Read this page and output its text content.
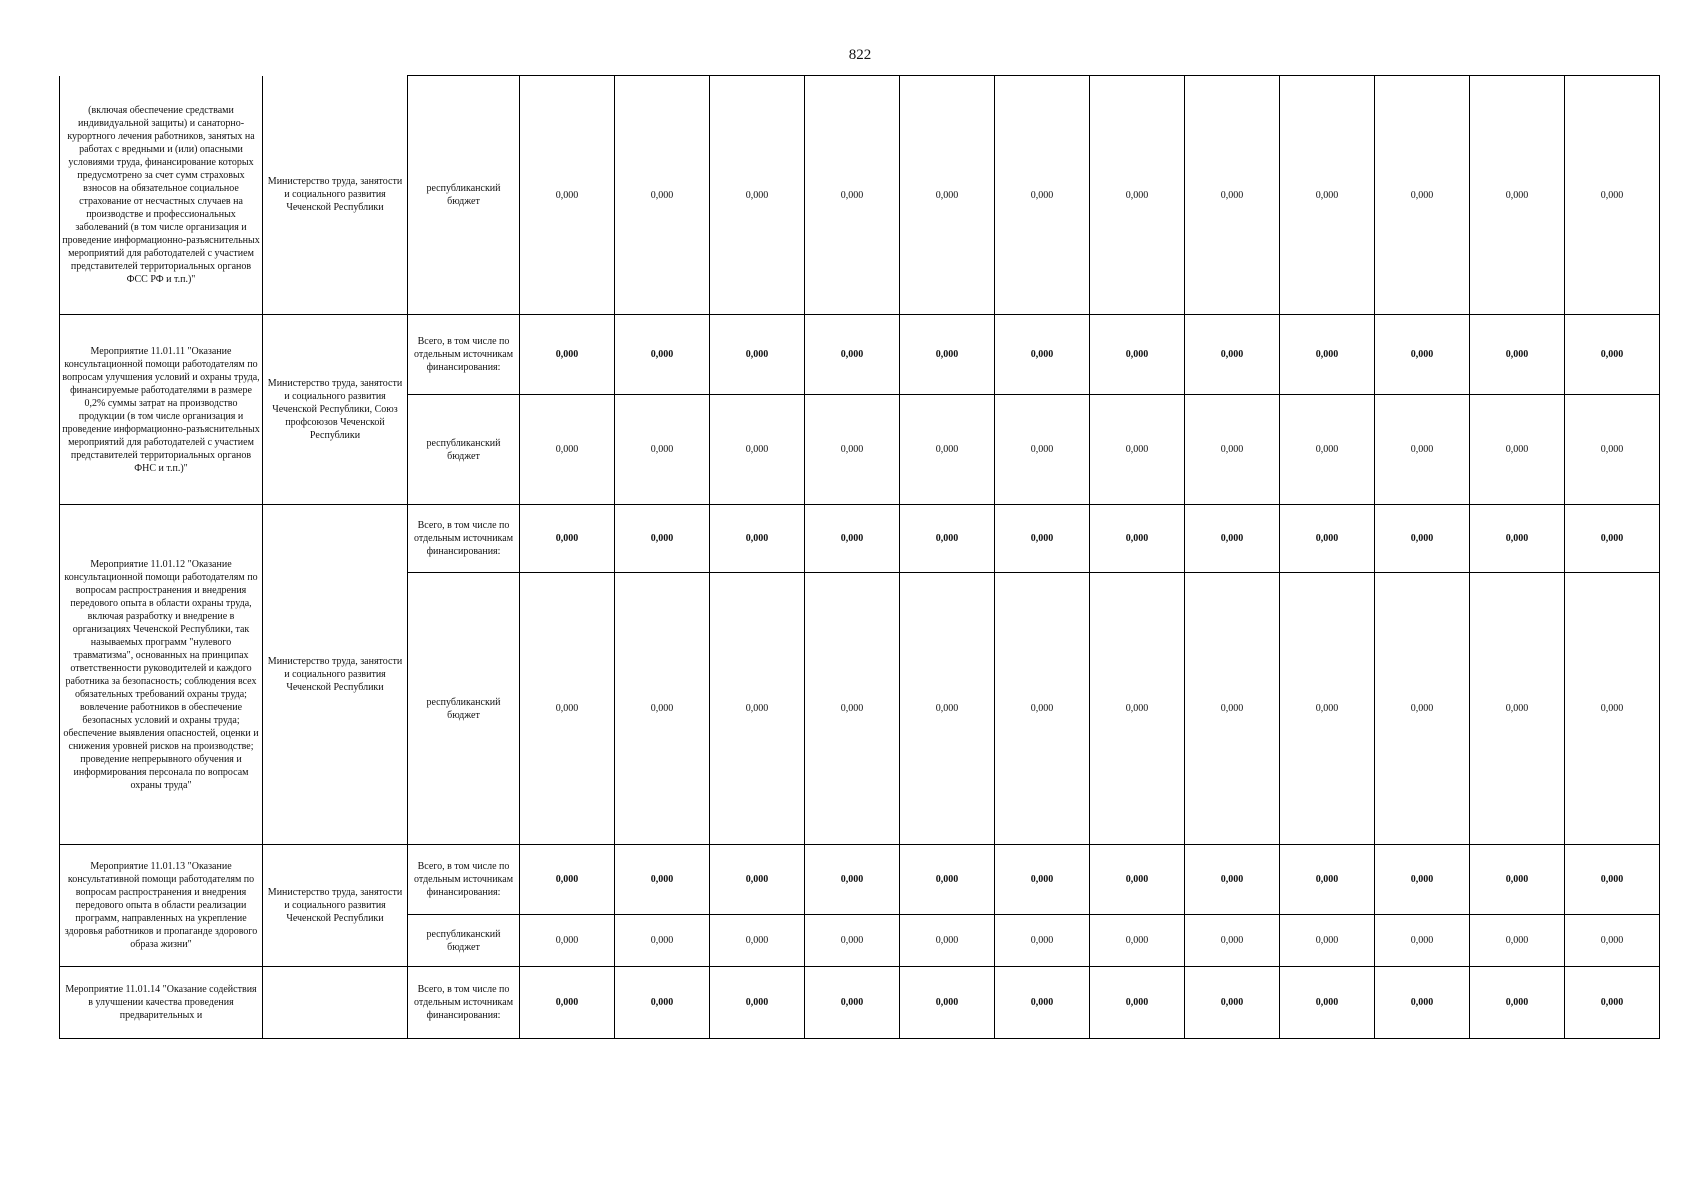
822
(включая обеспечение средствами индивидуальной защиты) и санаторно-курортного лечения работников, занятых на работах с вредными и (или) опасными условиями труда, финансирование которых предусмотрено за счет сумм страховых взносов на обязательное социальное страхование от несчастных случаев на производстве и профессиональных заболеваний (в том числе организация и проведение информационно-разъяснительных мероприятий для работодателей с участием представителей территориальных органов ФСС РФ и т.п.)"	Министерство труда, занятости и социального развития Чеченской Республики	республиканский бюджет	0,000	0,000	0,000	0,000	0,000	0,000	0,000	0,000	0,000	0,000	0,000	0,000
Мероприятие 11.01.11 "Оказание консультационной помощи работодателям по вопросам улучшения условий и охраны труда, финансируемые работодателями в размере 0,2% суммы затрат на производство продукции (в том числе организация и проведение информационно-разъяснительных мероприятий для работодателей с участием представителей территориальных органов ФНС и т.п.)"	Министерство труда, занятости и социального развития Чеченской Республики, Союз профсоюзов Чеченской Республики	Всего, в том числе по отдельным источникам финансирования:	0,000	0,000	0,000	0,000	0,000	0,000	0,000	0,000	0,000	0,000	0,000	0,000
		республиканский бюджет	0,000	0,000	0,000	0,000	0,000	0,000	0,000	0,000	0,000	0,000	0,000	0,000
Мероприятие 11.01.12 "Оказание консультационной помощи работодателям по вопросам распространения и внедрения передового опыта в области охраны труда, включая разработку и внедрение в организациях Чеченской Республики, так называемых программ "нулевого травматизма", основанных на принципах ответственности руководителей и каждого работника за безопасность; соблюдения всех обязательных требований охраны труда; вовлечение работников в обеспечение безопасных условий и охраны труда; обеспечение выявления опасностей, оценки и снижения уровней рисков на производстве; проведение непрерывного обучения и информирования персонала по вопросам охраны труда"	Министерство труда, занятости и социального развития Чеченской Республики	Всего, в том числе по отдельным источникам финансирования:	0,000	0,000	0,000	0,000	0,000	0,000	0,000	0,000	0,000	0,000	0,000	0,000
		республиканский бюджет	0,000	0,000	0,000	0,000	0,000	0,000	0,000	0,000	0,000	0,000	0,000	0,000
Мероприятие 11.01.13 "Оказание консультативной помощи работодателям по вопросам распространения и внедрения передового опыта в области реализации программ, направленных на укрепление здоровья работников и пропаганде здорового образа жизни"	Министерство труда, занятости и социального развития Чеченской Республики	Всего, в том числе по отдельным источникам финансирования:	0,000	0,000	0,000	0,000	0,000	0,000	0,000	0,000	0,000	0,000	0,000	0,000
		республиканский бюджет	0,000	0,000	0,000	0,000	0,000	0,000	0,000	0,000	0,000	0,000	0,000	0,000
Мероприятие 11.01.14 "Оказание содействия в улучшении качества проведения предварительных и		Всего, в том числе по отдельным источникам финансирования:	0,000	0,000	0,000	0,000	0,000	0,000	0,000	0,000	0,000	0,000	0,000	0,000
